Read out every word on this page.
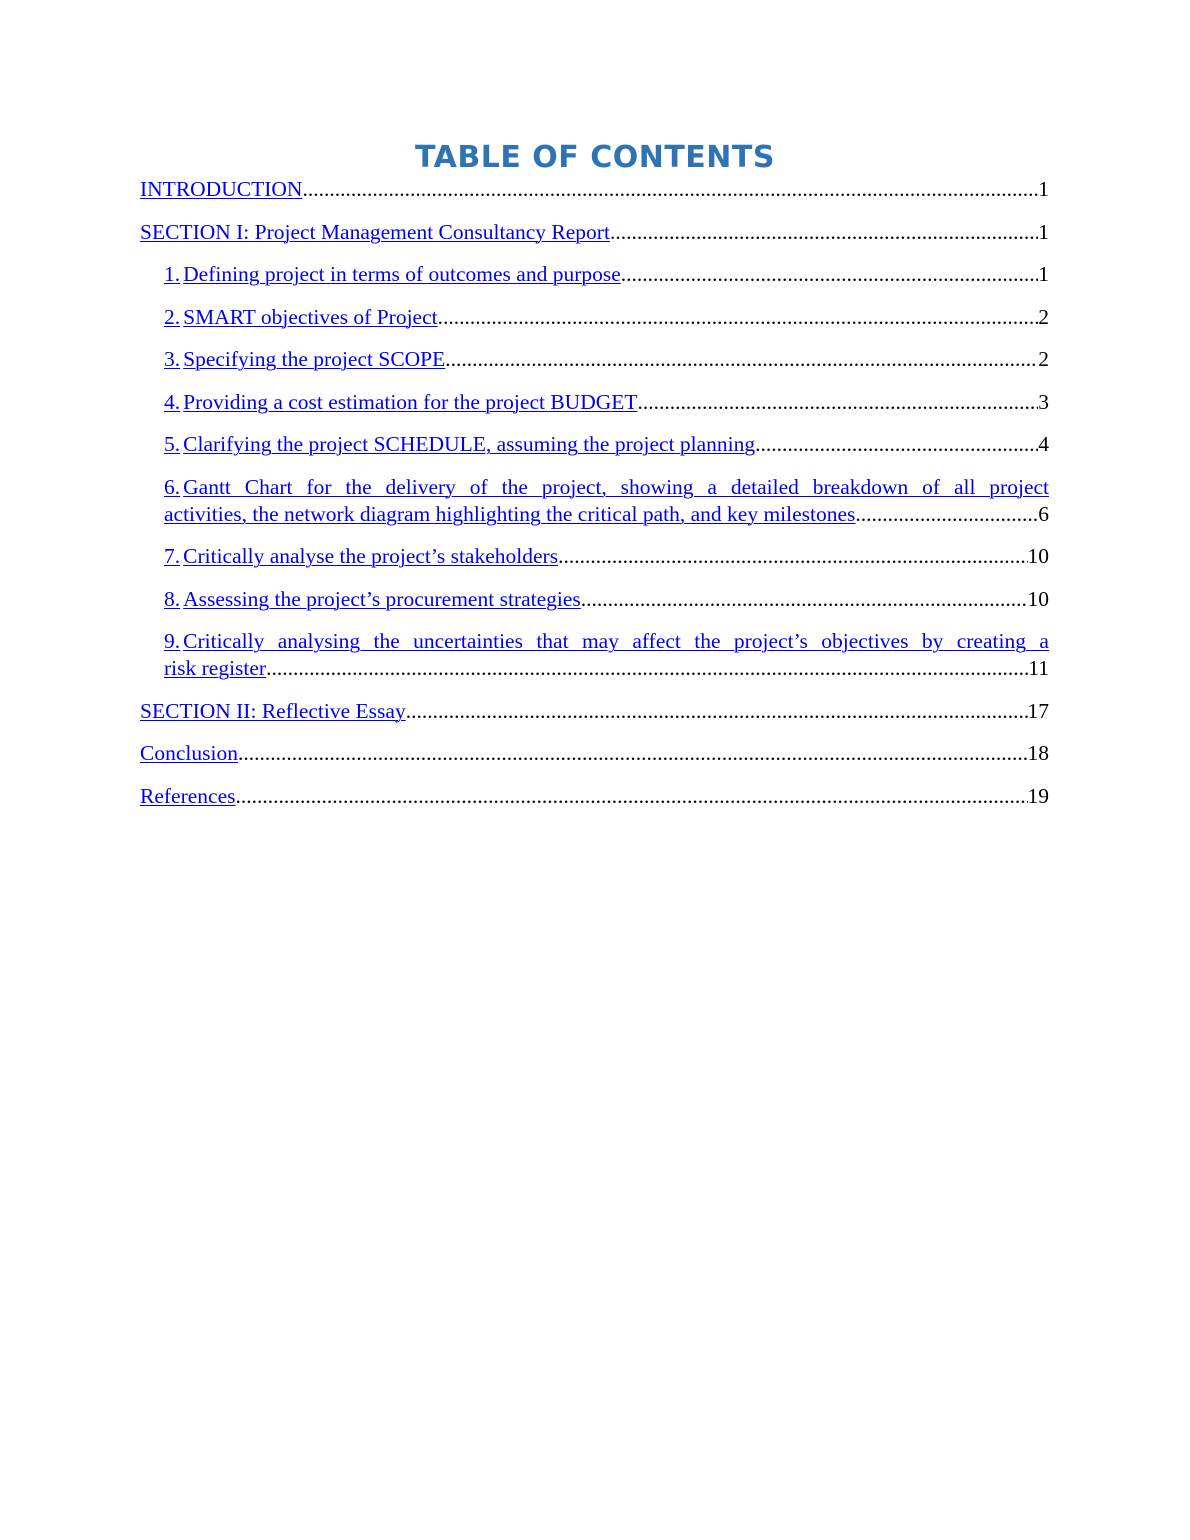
TABLE OF CONTENTS
INTRODUCTION .....	1
SECTION I: Project Management Consultancy Report .....	1
1. Defining project in terms of outcomes and purpose .....	1
2. SMART objectives of Project .....	2
3. Specifying the project SCOPE .....	2
4. Providing a cost estimation for the project BUDGET .....	3
5. Clarifying the project SCHEDULE, assuming the project planning .....	4
6. Gantt Chart for the delivery of the project, showing a detailed breakdown of all project
activities, the network diagram highlighting the critical path, and key milestones .....	6
7. Critically analyse the project’s stakeholders .....	10
8. Assessing the project’s procurement strategies .....	10
9. Critically analysing the uncertainties that may affect the project’s objectives by creating a
risk register .....	11
SECTION II: Reflective Essay .....	17
Conclusion .....	18
References .....	19
